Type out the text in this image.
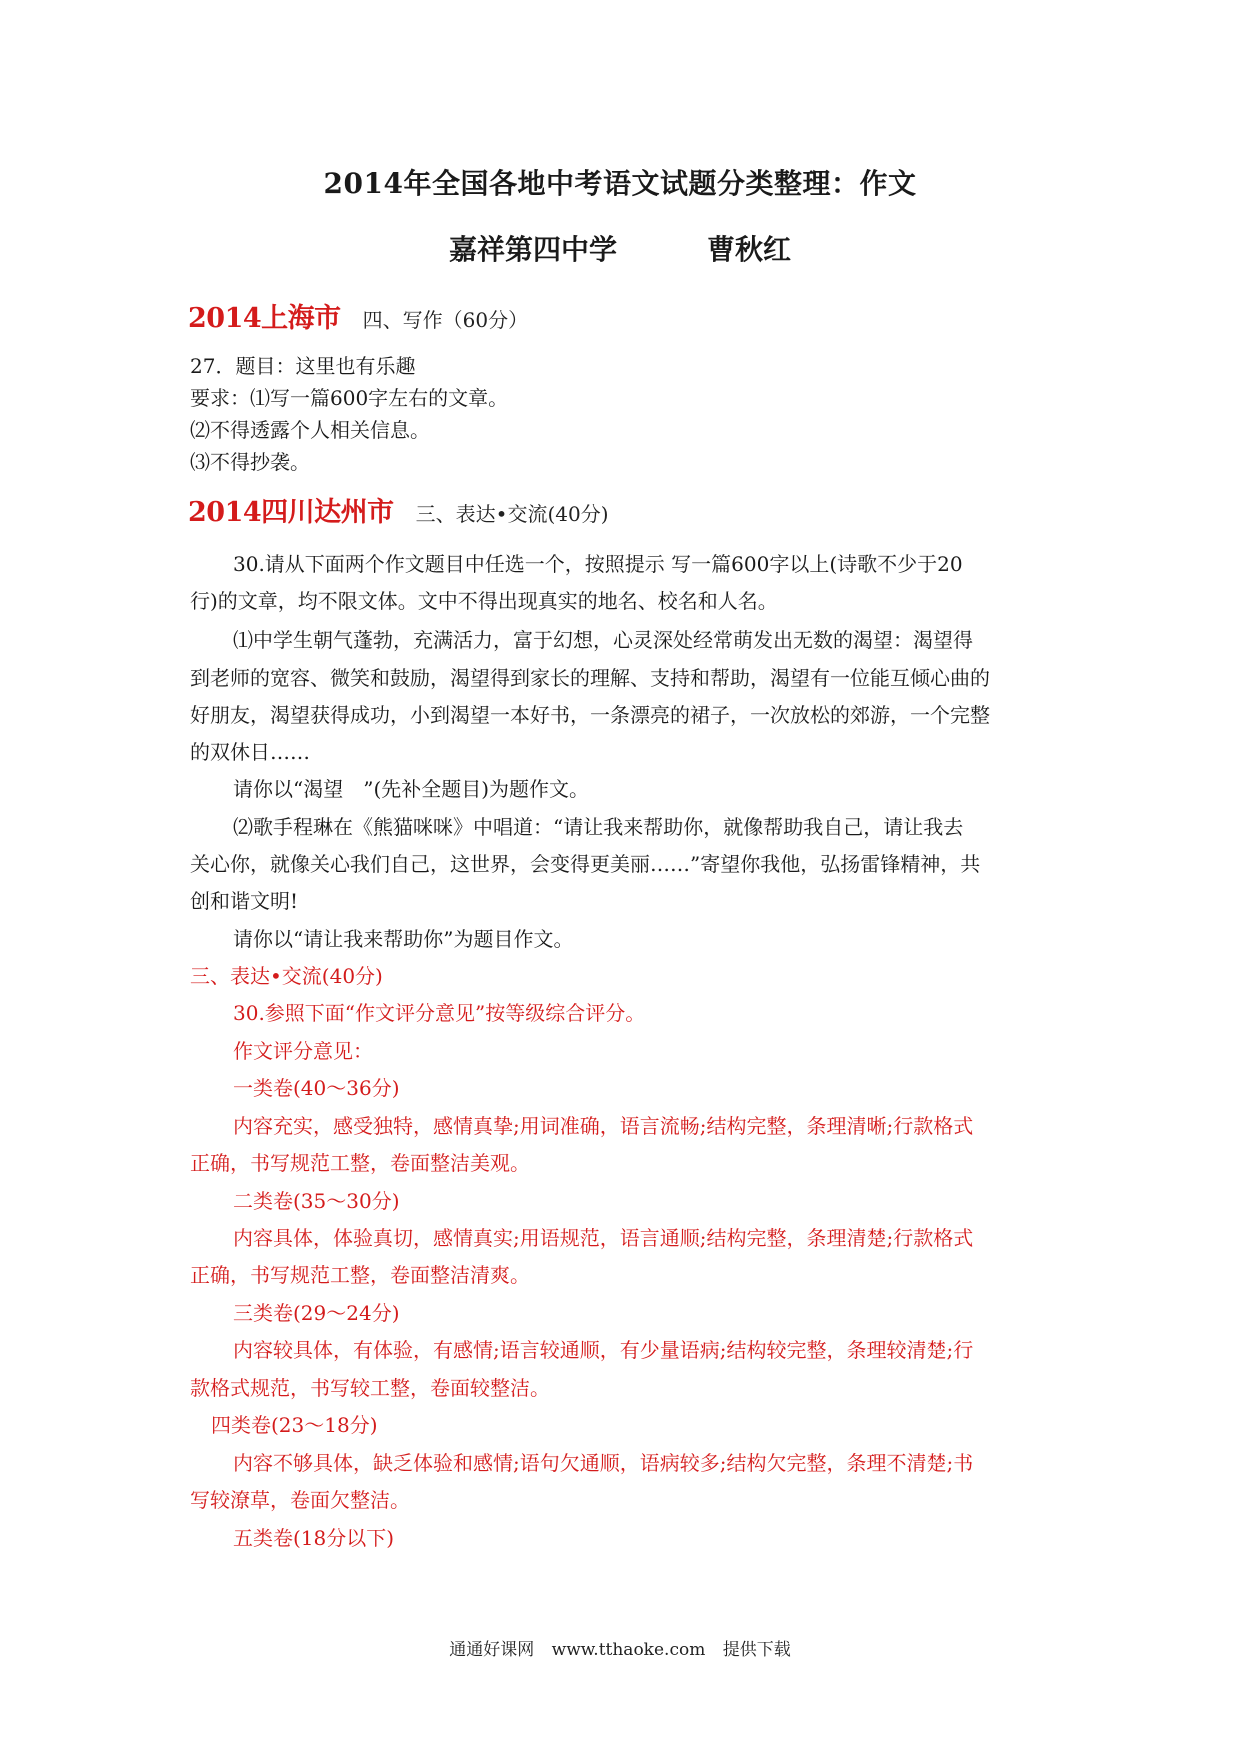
2014年全国各地中考语文试题分类整理：作文
嘉祥第四中学	曹秋红
2014上海市 四、写作（60分）
27．题目：这里也有乐趣
要求：⑴写一篇600字左右的文章。
⑵不得透露个人相关信息。
⑶不得抄袭。
2014四川达州市 三、表达•交流(40分)
30.请从下面两个作文题目中任选一个，按照提示 写一篇600字以上(诗歌不少于20
行)的文章，均不限文体。文中不得出现真实的地名、校名和人名。
⑴中学生朝气蓬勃，充满活力，富于幻想，心灵深处经常萌发出无数的渴望：渴望得
到老师的宽容、微笑和鼓励，渴望得到家长的理解、支持和帮助，渴望有一位能互倾心曲的
好朋友，渴望获得成功，小到渴望一本好书，一条漂亮的裙子，一次放松的郊游，一个完整
的双休日……
请你以“渴望　”(先补全题目)为题作文。
⑵歌手程琳在《熊猫咪咪》中唱道：“请让我来帮助你，就像帮助我自己，请让我去
关心你，就像关心我们自己，这世界，会变得更美丽……”寄望你我他，弘扬雷锋精神，共
创和谐文明!
请你以“请让我来帮助你”为题目作文。
三、表达•交流(40分)
30.参照下面“作文评分意见”按等级综合评分。
作文评分意见：
一类卷(40～36分)
内容充实，感受独特，感情真挚;用词准确，语言流畅;结构完整，条理清晰;行款格式
正确，书写规范工整，卷面整洁美观。
二类卷(35～30分)
内容具体，体验真切，感情真实;用语规范，语言通顺;结构完整，条理清楚;行款格式
正确，书写规范工整，卷面整洁清爽。
三类卷(29～24分)
内容较具体，有体验，有感情;语言较通顺，有少量语病;结构较完整，条理较清楚;行
款格式规范，书写较工整，卷面较整洁。
四类卷(23～18分)
内容不够具体，缺乏体验和感情;语句欠通顺，语病较多;结构欠完整，条理不清楚;书
写较潦草，卷面欠整洁。
五类卷(18分以下)
通通好课网 www.tthaoke.com 提供下载
